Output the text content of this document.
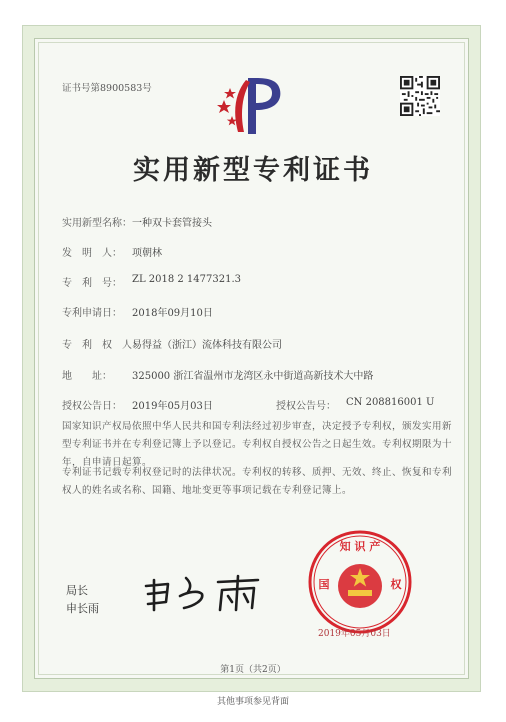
证书号第8900583号
实用新型专利证书
实用新型名称： 一种双卡套管接头
发　明　人： 项朝林
专　利　号： ZL 2018 2 1477321.3
专利申请日： 2018年09月10日
专　利　权　人：
易得益（浙江）流体科技有限公司
地　　址： 325000 浙江省温州市龙湾区永中街道高新技术大中路
授权公告日： 2019年05月03日	授权公告号： CN 208816001 U
国家知识产权局依照中华人民共和国专利法经过初步审查，决定授予专利权，颁发实用新型专利证书并在专利登记簿上予以登记。专利权自授权公告之日起生效。专利权期限为十年，自申请日起算。
专利证书记载专利权登记时的法律状况。专利权的转移、质押、无效、终止、恢复和专利权人的姓名或名称、国籍、地址变更等事项记载在专利登记簿上。
局长
申长雨
知 识 产
国	权
2019年05月03日
第1页（共2页）
其他事项参见背面
